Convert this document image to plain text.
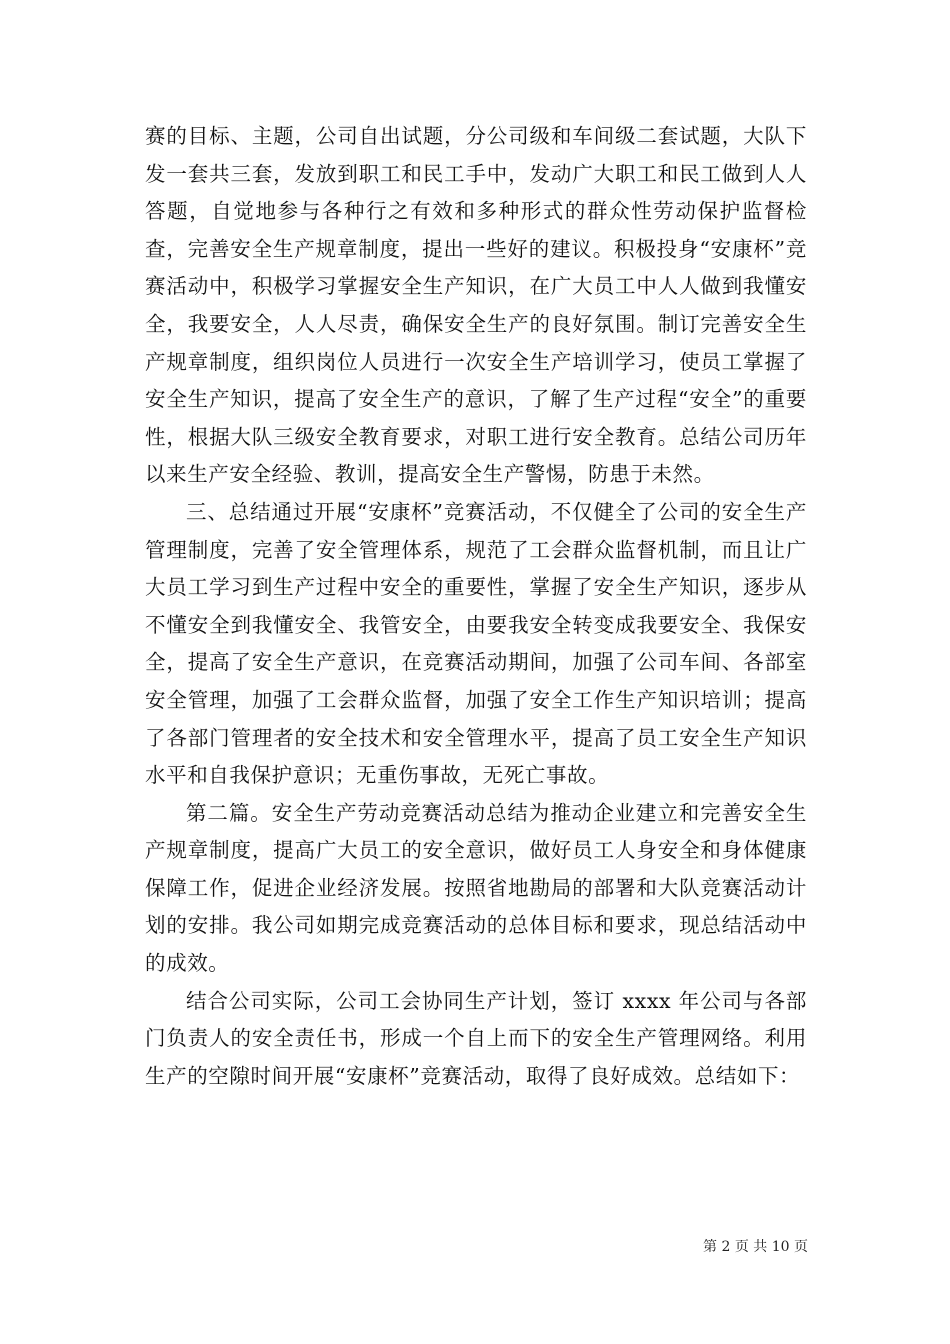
赛的目标、主题，公司自出试题，分公司级和车间级二套试题，大队下发一套共三套，发放到职工和民工手中，发动广大职工和民工做到人人答题，自觉地参与各种行之有效和多种形式的群众性劳动保护监督检查，完善安全生产规章制度，提出一些好的建议。积极投身“安康杯”竞赛活动中，积极学习掌握安全生产知识，在广大员工中人人做到我懂安全，我要安全，人人尽责，确保安全生产的良好氛围。制订完善安全生产规章制度，组织岗位人员进行一次安全生产培训学习，使员工掌握了安全生产知识，提高了安全生产的意识，了解了生产过程“安全”的重要性，根据大队三级安全教育要求，对职工进行安全教育。总结公司历年以来生产安全经验、教训，提高安全生产警惕，防患于未然。

三、总结通过开展“安康杯”竞赛活动，不仅健全了公司的安全生产管理制度，完善了安全管理体系，规范了工会群众监督机制，而且让广大员工学习到生产过程中安全的重要性，掌握了安全生产知识，逐步从不懂安全到我懂安全、我管安全，由要我安全转变成我要安全、我保安全，提高了安全生产意识，在竞赛活动期间，加强了公司车间、各部室安全管理，加强了工会群众监督，加强了安全工作生产知识培训；提高了各部门管理者的安全技术和安全管理水平，提高了员工安全生产知识水平和自我保护意识；无重伤事故，无死亡事故。

第二篇。安全生产劳动竞赛活动总结为推动企业建立和完善安全生产规章制度，提高广大员工的安全意识，做好员工人身安全和身体健康保障工作，促进企业经济发展。按照省地勘局的部署和大队竞赛活动计划的安排。我公司如期完成竞赛活动的总体目标和要求，现总结活动中的成效。

结合公司实际，公司工会协同生产计划，签订 xxxx 年公司与各部门负责人的安全责任书，形成一个自上而下的安全生产管理网络。利用生产的空隙时间开展“安康杯”竞赛活动，取得了良好成效。总结如下：

第 2 页 共 10 页
